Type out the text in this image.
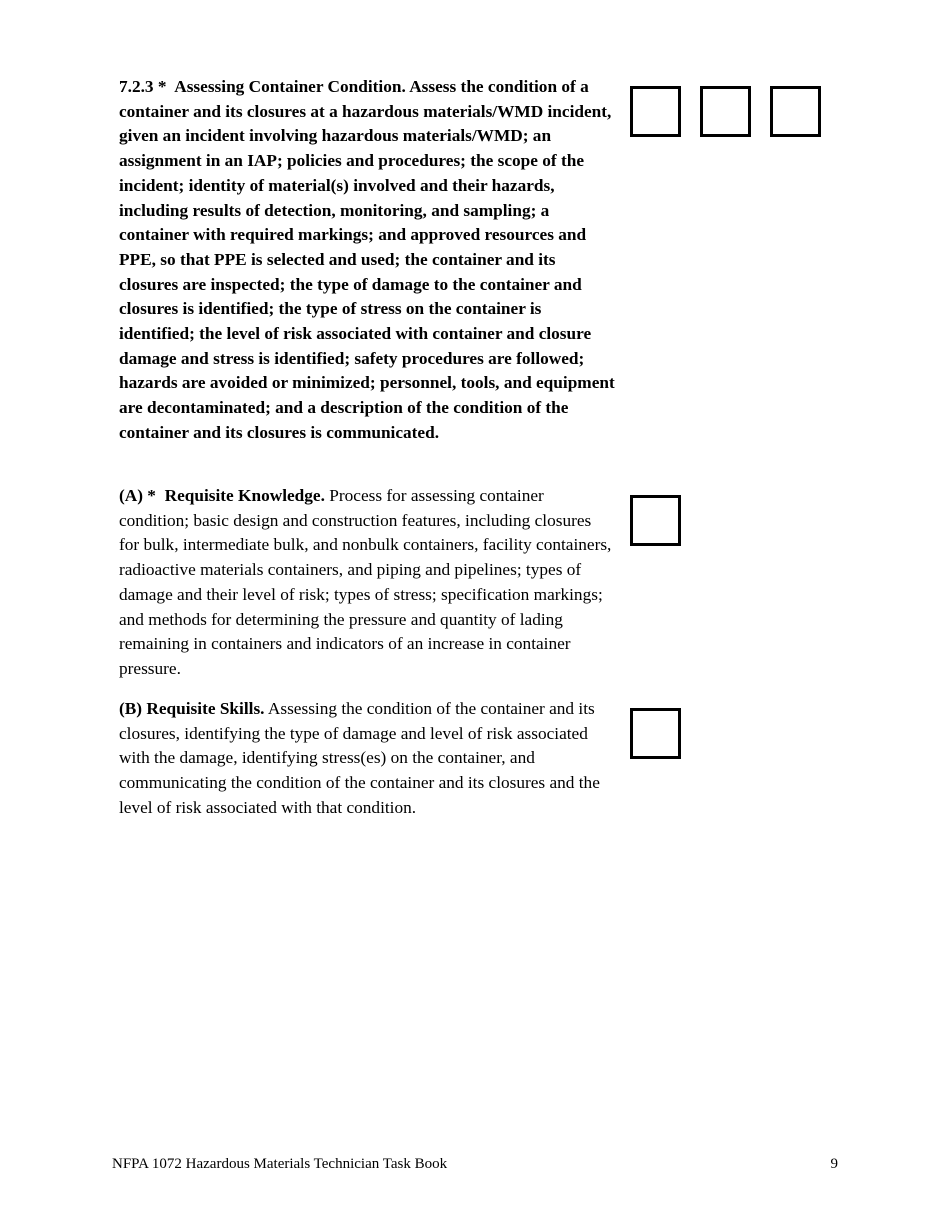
7.2.3 * Assessing Container Condition. Assess the condition of a container and its closures at a hazardous materials/WMD incident, given an incident involving hazardous materials/WMD; an assignment in an IAP; policies and procedures; the scope of the incident; identity of material(s) involved and their hazards, including results of detection, monitoring, and sampling; a container with required markings; and approved resources and PPE, so that PPE is selected and used; the container and its closures are inspected; the type of damage to the container and closures is identified; the type of stress on the container is identified; the level of risk associated with container and closure damage and stress is identified; safety procedures are followed; hazards are avoided or minimized; personnel, tools, and equipment are decontaminated; and a description of the condition of the container and its closures is communicated.

(A) * Requisite Knowledge. Process for assessing container condition; basic design and construction features, including closures for bulk, intermediate bulk, and nonbulk containers, facility containers, radioactive materials containers, and piping and pipelines; types of damage and their level of risk; types of stress; specification markings; and methods for determining the pressure and quantity of lading remaining in containers and indicators of an increase in container pressure.

(B) Requisite Skills. Assessing the condition of the container and its closures, identifying the type of damage and level of risk associated with the damage, identifying stress(es) on the container, and communicating the condition of the container and its closures and the level of risk associated with that condition.

NFPA 1072 Hazardous Materials Technician Task Book	9
